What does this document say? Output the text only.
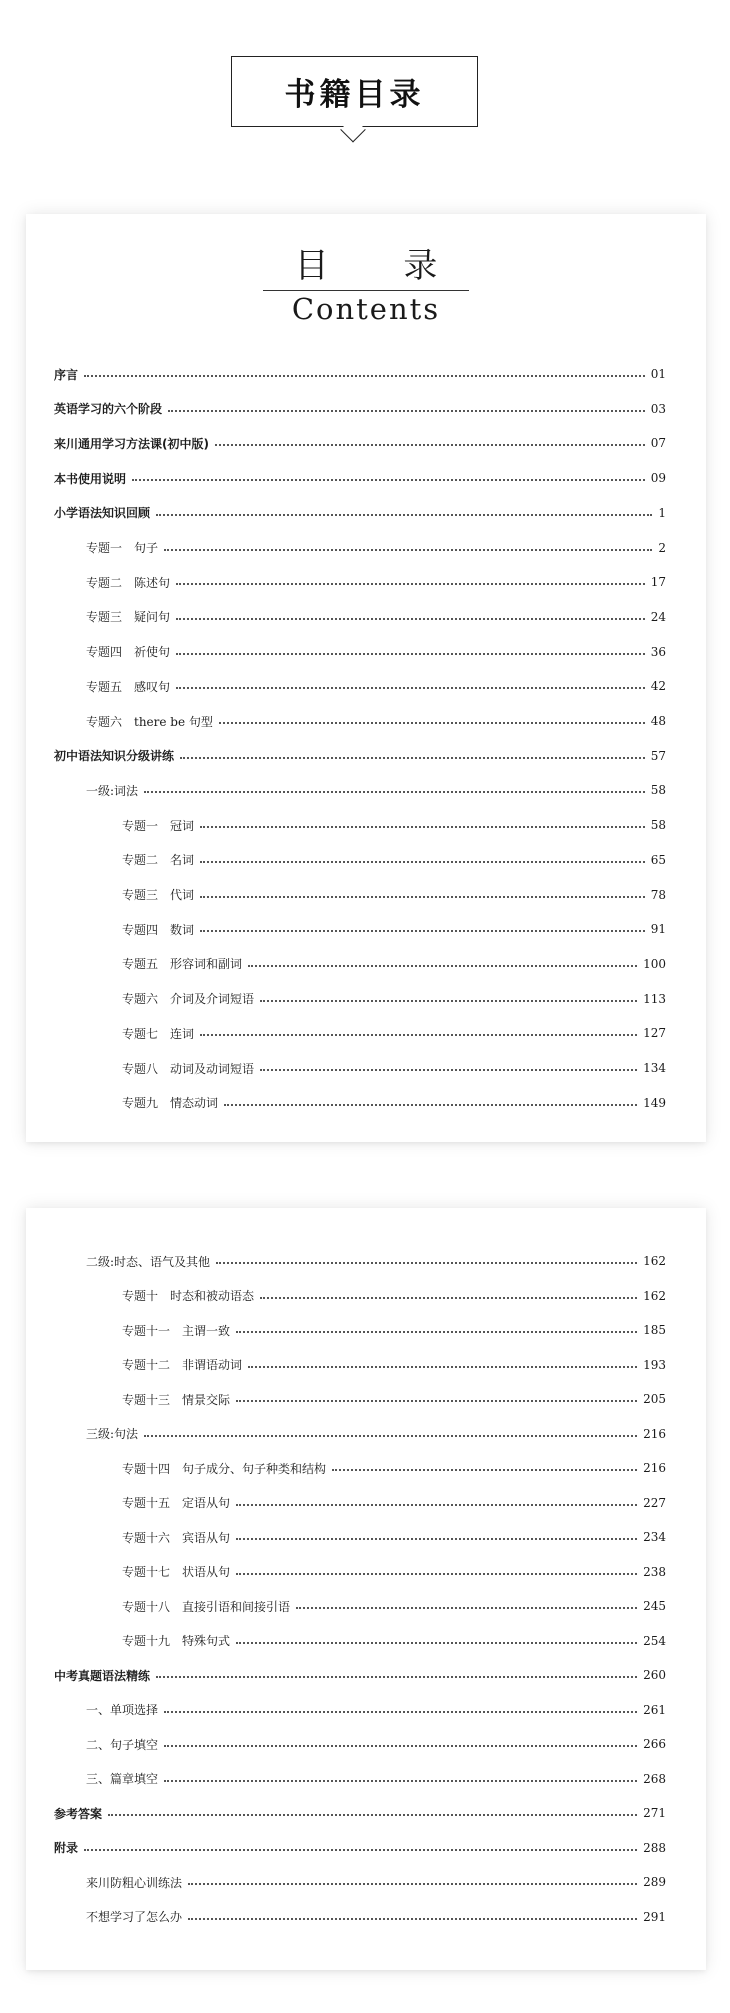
书籍目录
目 录
Contents
序言	01
英语学习的六个阶段	03
来川通用学习方法课(初中版)	07
本书使用说明	09
小学语法知识回顾	1
专题一　句子	2
专题二　陈述句	17
专题三　疑问句	24
专题四　祈使句	36
专题五　感叹句	42
专题六　there be 句型	48
初中语法知识分级讲练	57
一级:词法	58
专题一　冠词	58
专题二　名词	65
专题三　代词	78
专题四　数词	91
专题五　形容词和副词	100
专题六　介词及介词短语	113
专题七　连词	127
专题八　动词及动词短语	134
专题九　情态动词	149
二级:时态、语气及其他	162
专题十　时态和被动语态	162
专题十一　主谓一致	185
专题十二　非谓语动词	193
专题十三　情景交际	205
三级:句法	216
专题十四　句子成分、句子种类和结构	216
专题十五　定语从句	227
专题十六　宾语从句	234
专题十七　状语从句	238
专题十八　直接引语和间接引语	245
专题十九　特殊句式	254
中考真题语法精练	260
一、单项选择	261
二、句子填空	266
三、篇章填空	268
参考答案	271
附录	288
来川防粗心训练法	289
不想学习了怎么办	291
